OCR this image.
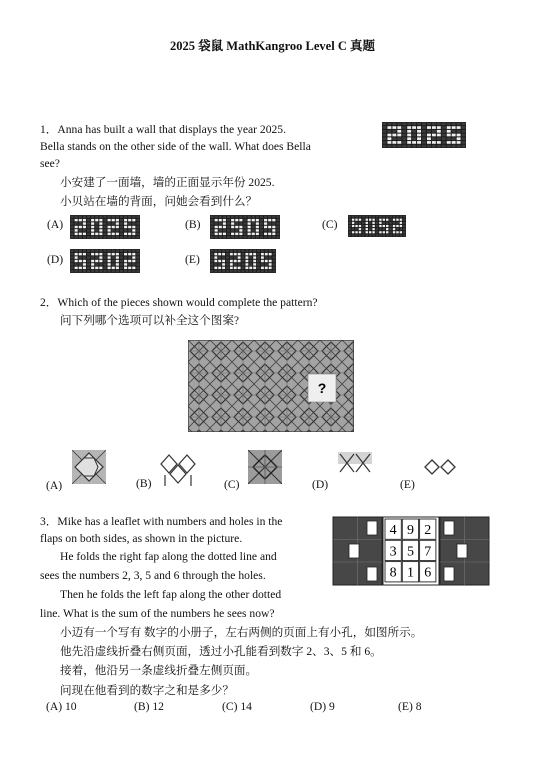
2025 袋鼠 MathKangroo Level C 真题
1．Anna has built a wall that displays the year 2025.
Bella stands on the other side of the wall. What does Bella
see?
小安建了一面墙，墙的正面显示年份 2025.
小贝站在墙的背面，问她会看到什么？
(A)	(B)	(C)
(D)	(E)
2．Which of the pieces shown would complete the pattern?
问下列哪个选项可以补全这个图案?
?
(A)	(B)	(C)	(D)	(E)
3．Mike has a leaflet with numbers and holes in the
flaps on both sides, as shown in the picture.
He folds the right fap along the dotted line and
sees the numbers 2, 3, 5 and 6 through the holes.
Then he folds the left fap along the other dotted
line. What is the sum of the numbers he sees now?
小迈有一个写有 数字的小册子，左右两侧的页面上有小孔，如图所示。
他先沿虚线折叠右侧页面，透过小孔能看到数字 2、3、5 和 6。
接着，他沿另一条虚线折叠左侧页面。
问现在他看到的数字之和是多少？
4 9 2
3 5 7
8 1 6
(A) 10	(B) 12	(C) 14	(D) 9	(E) 8
